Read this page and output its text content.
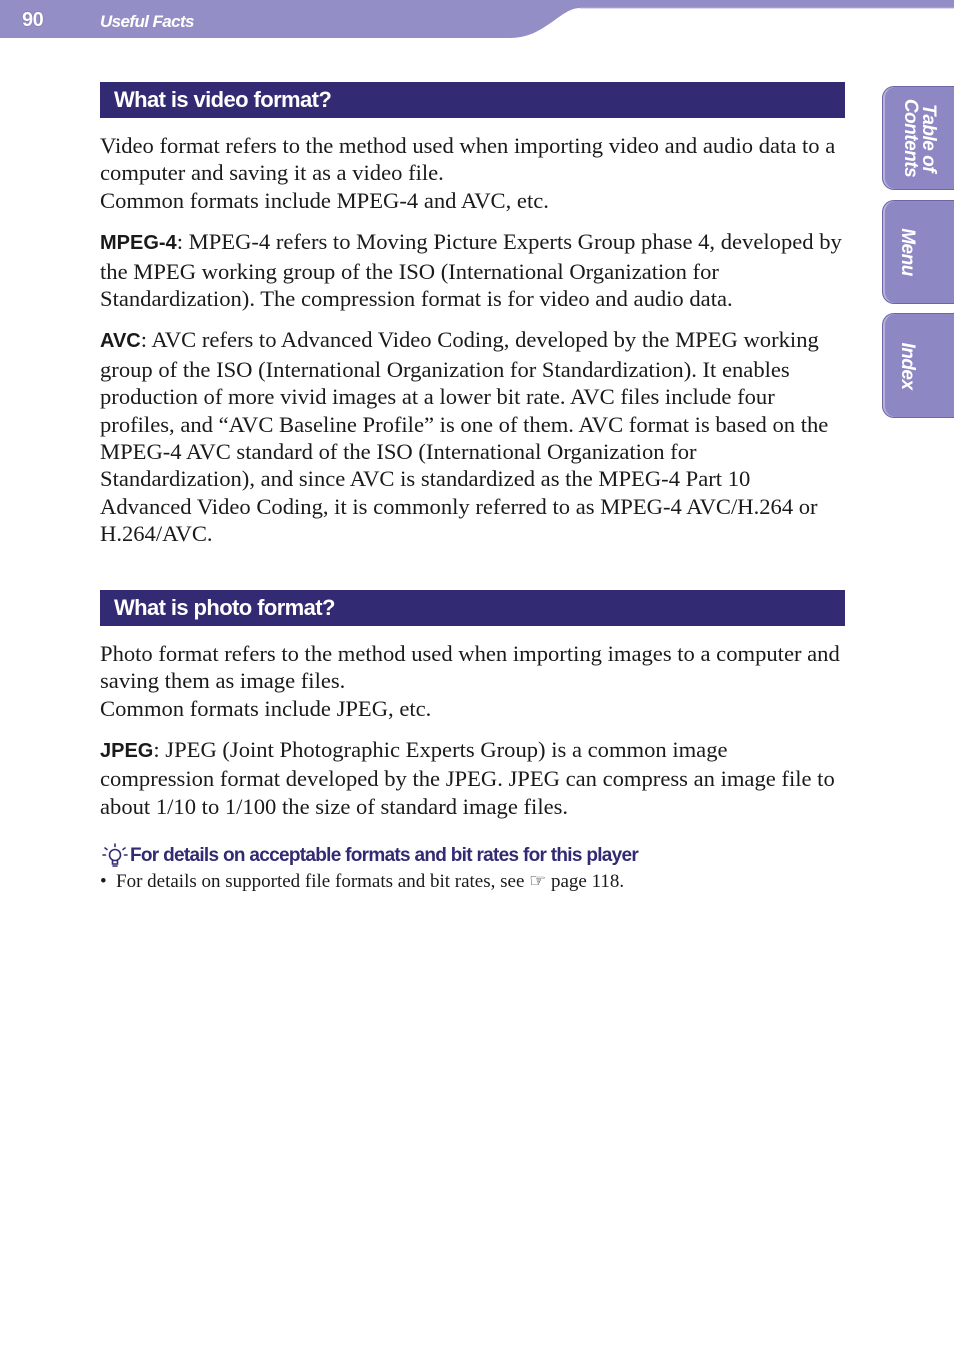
90	Useful Facts
Table of
Contents
Menu
Index
What is video format?

Video format refers to the method used when importing video and audio data to a computer and saving it as a video file.
Common formats include MPEG-4 and AVC, etc.

MPEG-4: MPEG-4 refers to Moving Picture Experts Group phase 4, developed by the MPEG working group of the ISO (International Organization for Standardization). The compression format is for video and audio data.

AVC: AVC refers to Advanced Video Coding, developed by the MPEG working group of the ISO (International Organization for Standardization). It enables production of more vivid images at a lower bit rate. AVC files include four profiles, and “AVC Baseline Profile” is one of them. AVC format is based on the MPEG-4 AVC standard of the ISO (International Organization for Standardization), and since AVC is standardized as the MPEG-4 Part 10 Advanced Video Coding, it is commonly referred to as MPEG-4 AVC/H.264 or H.264/AVC.

What is photo format?

Photo format refers to the method used when importing images to a computer and saving them as image files.
Common formats include JPEG, etc.

JPEG: JPEG (Joint Photographic Experts Group) is a common image compression format developed by the JPEG. JPEG can compress an image file to about 1/10 to 1/100 the size of standard image files.

For details on acceptable formats and bit rates for this player

• For details on supported file formats and bit rates, see ☞ page 118.
